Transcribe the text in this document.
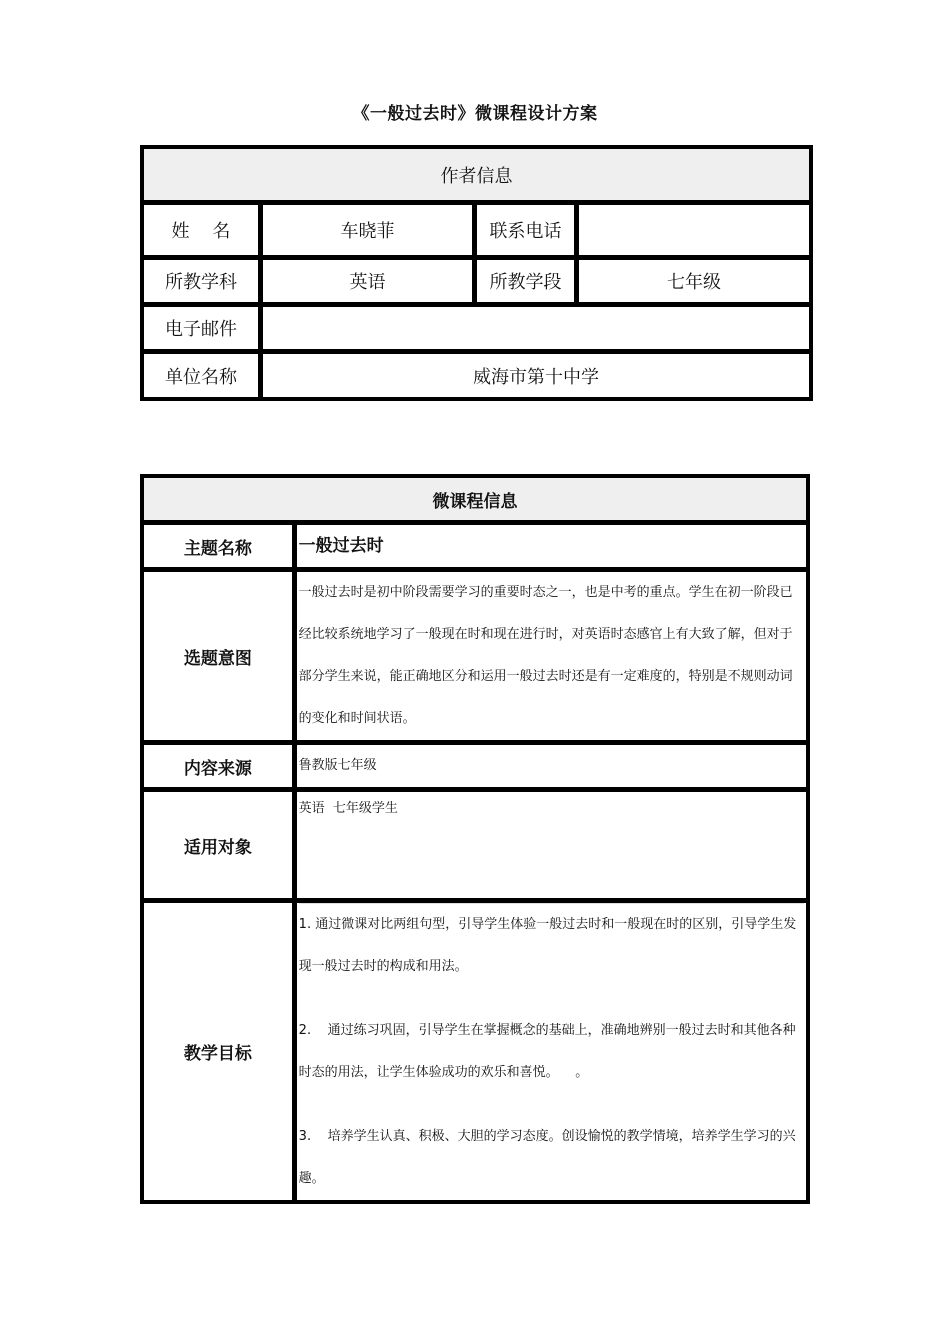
《一般过去时》微课程设计方案
作者信息			
姓    名	车晓菲	联系电话	
所教学科	英语	所教学段	七年级
电子邮件			
单位名称	威海市第十中学		
微课程信息	
主题名称	一般过去时
选题意图	一般过去时是初中阶段需要学习的重要时态之一，也是中考的重点。学生在初一阶段已经比较系统地学习了一般现在时和现在进行时，对英语时态感官上有大致了解，但对于部分学生来说，能正确地区分和运用一般过去时还是有一定难度的，特别是不规则动词的变化和时间状语。
内容来源	鲁教版七年级
适用对象	英语  七年级学生
教学目标	1. 通过微课对比两组句型，引导学生体验一般过去时和一般现在时的区别，引导学生发现一般过去时的构成和用法。
2.    通过练习巩固，引导学生在掌握概念的基础上，准确地辨别一般过去时和其他各种时态的用法，让学生体验成功的欢乐和喜悦。    。
3.    培养学生认真、积极、大胆的学习态度。创设愉悦的教学情境，培养学生学习的兴趣。
